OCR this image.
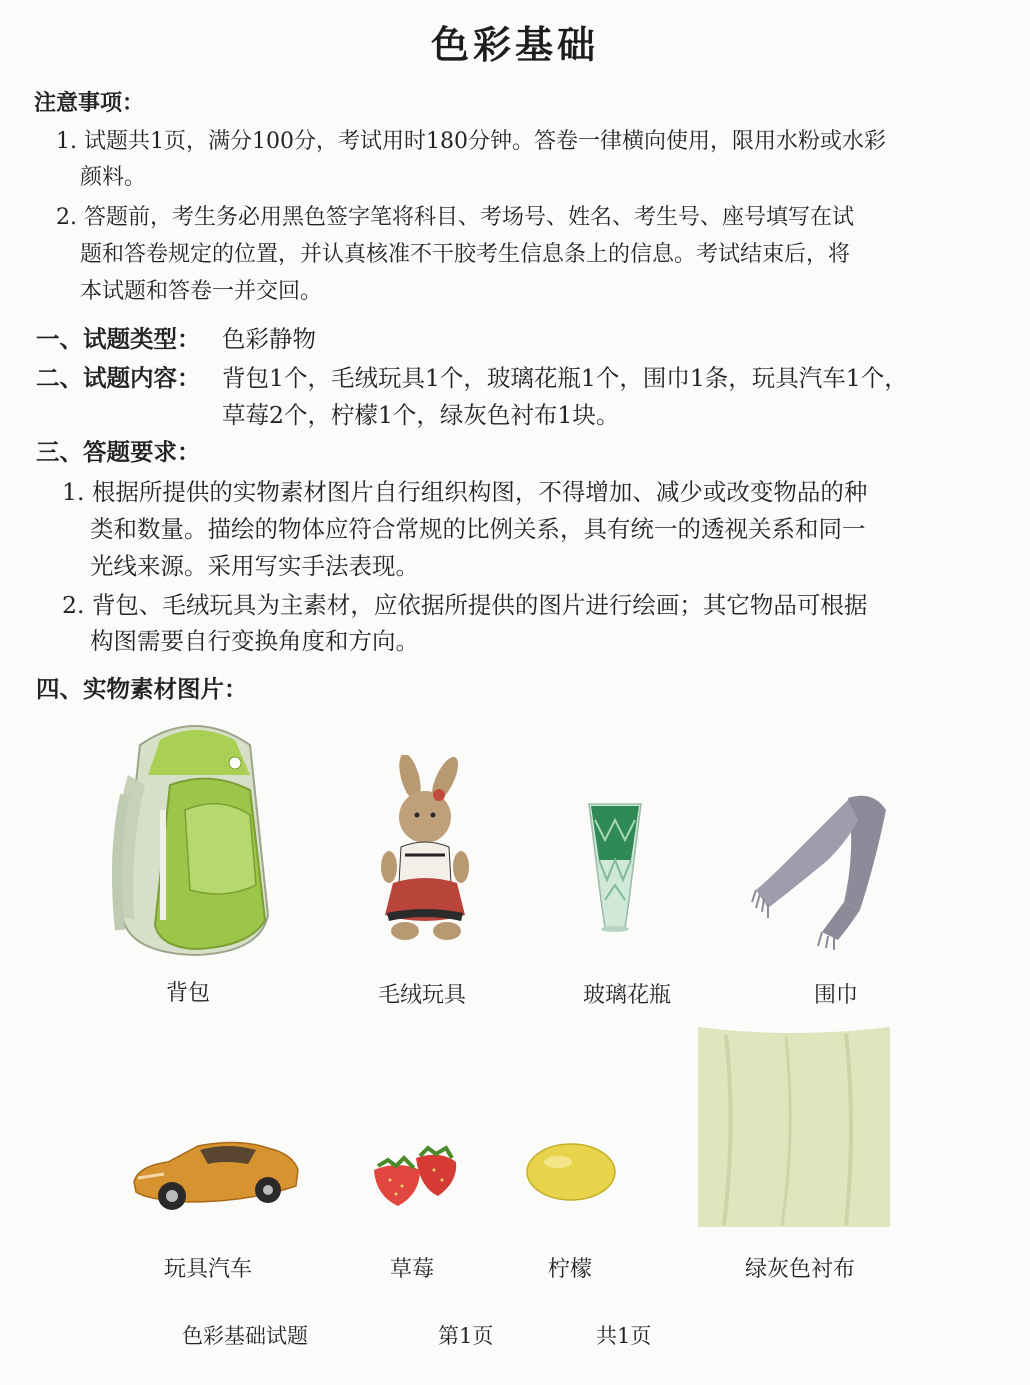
色彩基础
注意事项：
1. 试题共1页，满分100分，考试用时180分钟。答卷一律横向使用，限用水粉或水彩
颜料。
2. 答题前，考生务必用黑色签字笔将科目、考场号、姓名、考生号、座号填写在试
题和答卷规定的位置，并认真核准不干胶考生信息条上的信息。考试结束后，将
本试题和答卷一并交回。
一、试题类型： 色彩静物
二、试题内容： 背包1个，毛绒玩具1个，玻璃花瓶1个，围巾1条，玩具汽车1个，
草莓2个，柠檬1个，绿灰色衬布1块。
三、答题要求：
1. 根据所提供的实物素材图片自行组织构图，不得增加、减少或改变物品的种
类和数量。描绘的物体应符合常规的比例关系，具有统一的透视关系和同一
光线来源。采用写实手法表现。
2. 背包、毛绒玩具为主素材，应依据所提供的图片进行绘画；其它物品可根据
构图需要自行变换角度和方向。
四、实物素材图片：
背包	毛绒玩具	玻璃花瓶	围巾
玩具汽车	草莓	柠檬	绿灰色衬布
色彩基础试题	第1页	共1页
